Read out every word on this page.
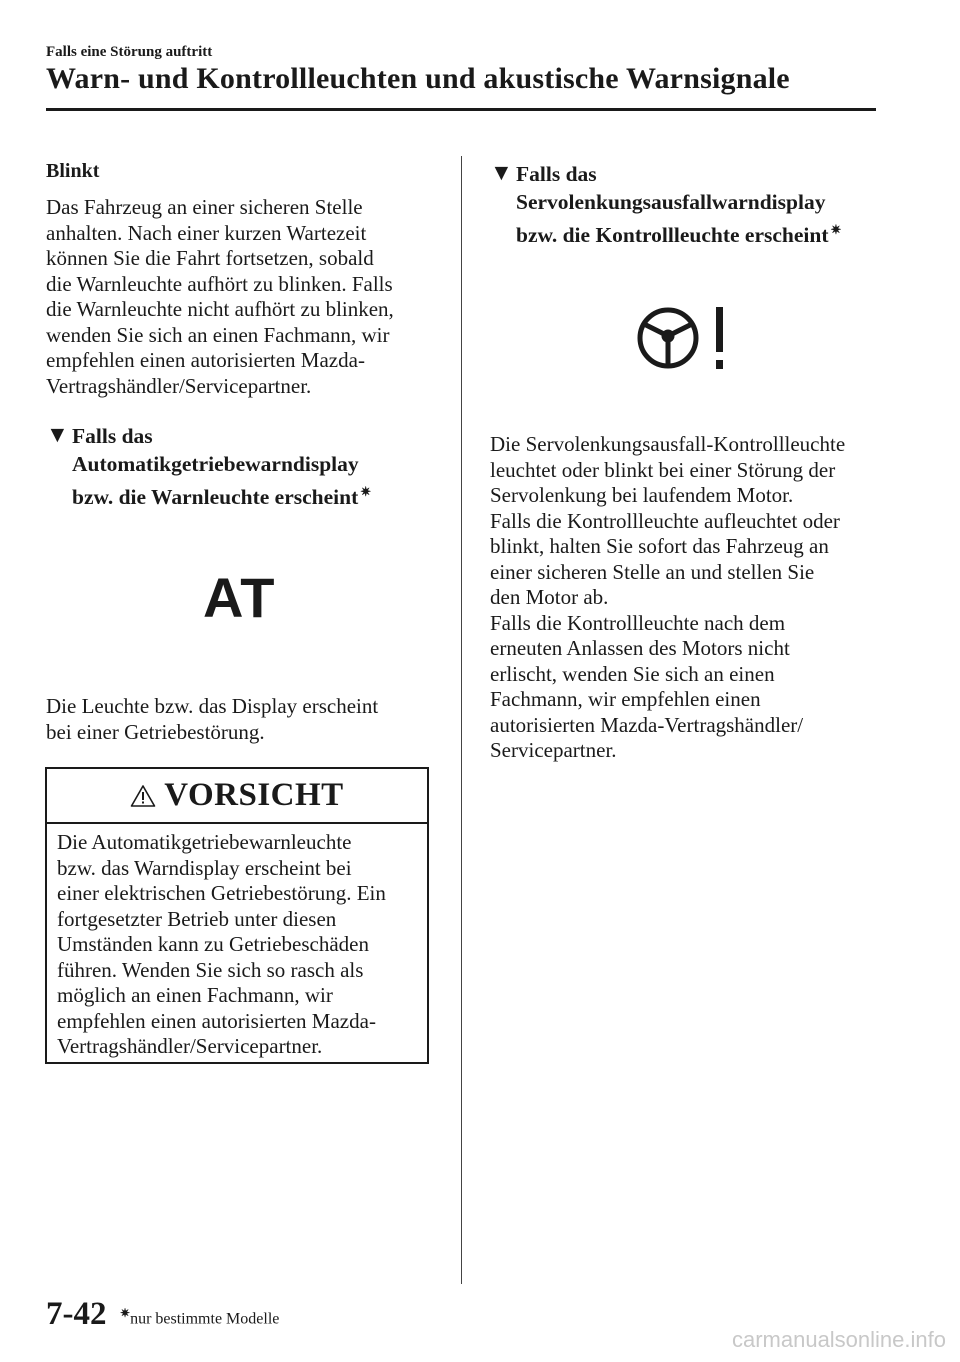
Falls eine Störung auftritt
Warn- und Kontrollleuchten und akustische Warnsignale
Blinkt
Das Fahrzeug an einer sicheren Stelle
anhalten. Nach einer kurzen Wartezeit
können Sie die Fahrt fortsetzen, sobald
die Warnleuchte aufhört zu blinken. Falls
die Warnleuchte nicht aufhört zu blinken,
wenden Sie sich an einen Fachmann, wir
empfehlen einen autorisierten Mazda-
Vertragshändler/Servicepartner.
▼ Falls das
Automatikgetriebewarndisplay
bzw. die Warnleuchte erscheint ✷
AT
Die Leuchte bzw. das Display erscheint
bei einer Getriebestörung.
VORSICHT
Die Automatikgetriebewarnleuchte
bzw. das Warndisplay erscheint bei
einer elektrischen Getriebestörung. Ein
fortgesetzter Betrieb unter diesen
Umständen kann zu Getriebeschäden
führen. Wenden Sie sich so rasch als
möglich an einen Fachmann, wir
empfehlen einen autorisierten Mazda-
Vertragshändler/Servicepartner.
▼ Falls das
Servolenkungsausfallwarndisplay
bzw. die Kontrollleuchte erscheint ✷
Die Servolenkungsausfall-Kontrollleuchte
leuchtet oder blinkt bei einer Störung der
Servolenkung bei laufendem Motor.
Falls die Kontrollleuchte aufleuchtet oder
blinkt, halten Sie sofort das Fahrzeug an
einer sicheren Stelle an und stellen Sie
den Motor ab.
Falls die Kontrollleuchte nach dem
erneuten Anlassen des Motors nicht
erlischt, wenden Sie sich an einen
Fachmann, wir empfehlen einen
autorisierten Mazda-Vertragshändler/
Servicepartner.
7-42 ✷nur bestimmte Modelle
carmanualsonline.info
